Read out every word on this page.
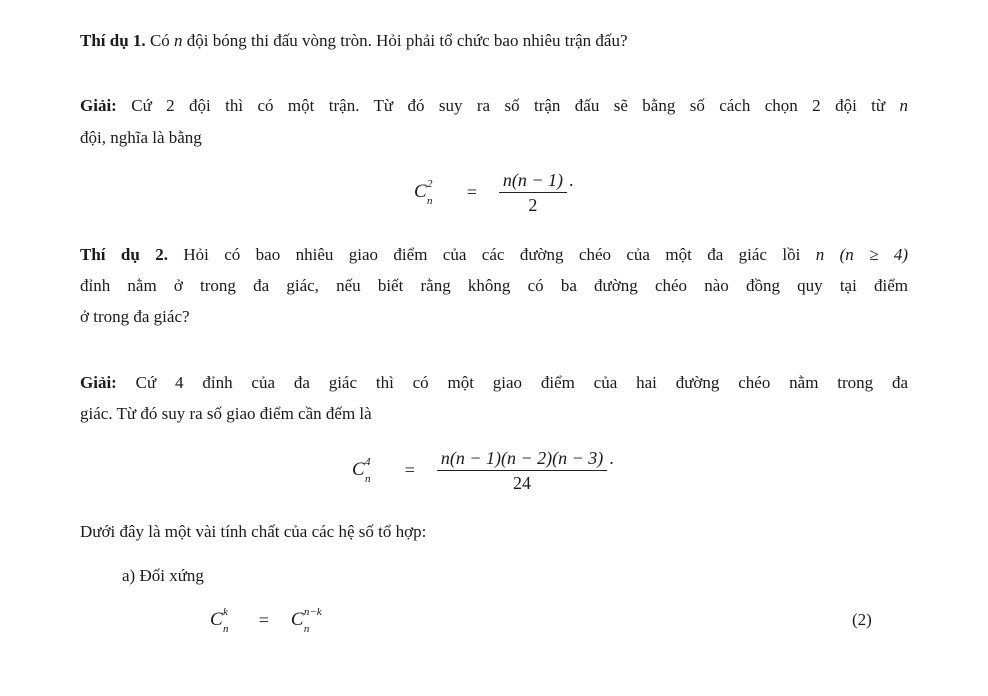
Thí dụ 1. Có n đội bóng thi đấu vòng tròn. Hỏi phải tổ chức bao nhiêu trận đấu?
Giải: Cứ 2 đội thì có một trận. Từ đó suy ra số trận đấu sẽ bằng số cách chọn 2 đội từ n
đội, nghĩa là bằng
C 2
$n = \frac{n(n - 1)}{2}$ .
Thí dụ 2. Hỏi có bao nhiêu giao điểm của các đường chéo của một đa giác lồi n (n ≥ 4)
đỉnh nằm ở trong đa giác, nếu biết rằng không có ba đường chéo nào đồng quy tại điểm
ở trong đa giác?
Giải: Cứ 4 đỉnh của đa giác thì có một giao điểm của hai đường chéo nằm trong đa
giác. Từ đó suy ra số giao điểm cần đếm là
C 4
$n = \frac{n(n - 1)(n - 2)(n - 3)}{24}$ .
Dưới đây là một vài tính chất của các hệ số tổ hợp:
a) Đối xứng
C k
n = C n−k
n	(2)
